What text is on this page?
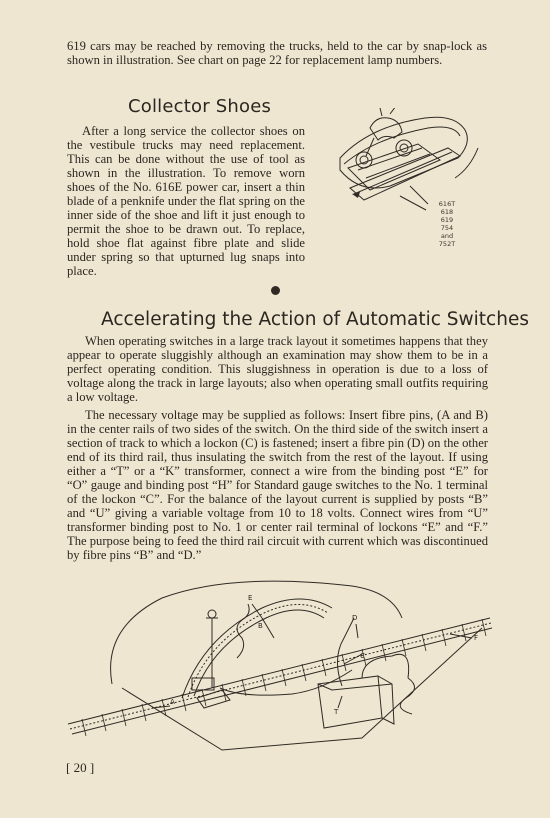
619 cars may be reached by removing the trucks, held to the car by snap-lock as shown in illustration. See chart on page 22 for replacement lamp numbers.

Collector Shoes

After a long service the collector shoes on the vestibule trucks may need replacement. This can be done without the use of tool as shown in the illustration. To remove worn shoes of the No. 616E power car, insert a thin blade of a penknife under the flat spring on the inner side of the shoe and lift it just enough to permit the shoe to be drawn out. To replace, hold shoe flat against fibre plate and slide under spring so that upturned lug snaps into place.

616T
618
619
754
and
752T
Accelerating the Action of Automatic Switches

When operating switches in a large track layout it sometimes happens that they appear to operate sluggishly although an examination may show them to be in a perfect operating condition. This sluggishness in operation is due to a loss of voltage along the track in large layouts; also when operating small outfits requiring a low voltage.

The necessary voltage may be supplied as follows: Insert fibre pins, (A and B) in the center rails of two sides of the switch. On the third side of the switch insert a section of track to which a lockon (C) is fastened; insert a fibre pin (D) on the other end of its third rail, thus insulating the switch from the rest of the layout. If using either a “T” or a “K” transformer, connect a wire from the binding post “E” for “O” gauge and binding post “H” for Standard gauge switches to the No. 1 terminal of the lockon “C”. For the balance of the layout current is supplied by posts “B” and “U” giving a variable voltage from 10 to 18 volts. Connect wires from “U” transformer binding post to No. 1 or center rail terminal of lockons “E” and “F.” The purpose being to feed the third rail circuit with current which was discontinued by fibre pins “B” and “D.”

E
B
D
C
F
A
T
[ 20 ]
